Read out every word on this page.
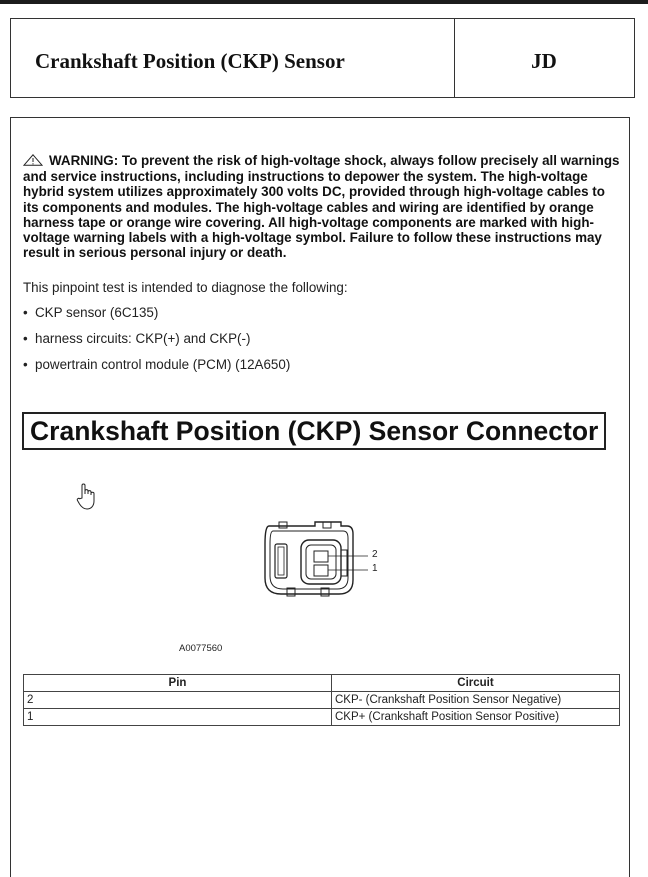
Crankshaft Position (CKP) Sensor	JD
WARNING: To prevent the risk of high-voltage shock, always follow precisely all warnings and service instructions, including instructions to depower the system. The high-voltage hybrid system utilizes approximately 300 volts DC, provided through high-voltage cables to its components and modules. The high-voltage cables and wiring are identified by orange harness tape or orange wire covering. All high-voltage components are marked with high-voltage warning labels with a high-voltage symbol. Failure to follow these instructions may result in serious personal injury or death.
This pinpoint test is intended to diagnose the following:
• CKP sensor (6C135)
• harness circuits: CKP(+) and CKP(-)
• powertrain control module (PCM) (12A650)
Crankshaft Position (CKP) Sensor Connector
2
1
A0077560
Pin	Circuit
2	CKP- (Crankshaft Position Sensor Negative)
1	CKP+ (Crankshaft Position Sensor Positive)
